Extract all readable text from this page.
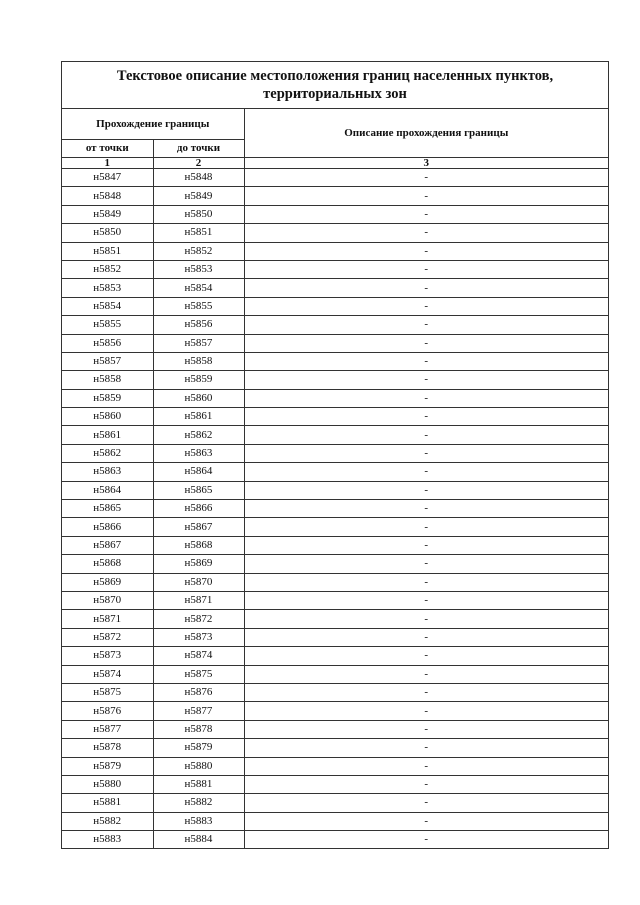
Текстовое описание местоположения границ населенных пунктов,
территориальных зон
Прохождение границы		Описание прохождения границы
от точки	до точки	
1	2	3
н5847	н5848	-
н5848	н5849	-
н5849	н5850	-
н5850	н5851	-
н5851	н5852	-
н5852	н5853	-
н5853	н5854	-
н5854	н5855	-
н5855	н5856	-
н5856	н5857	-
н5857	н5858	-
н5858	н5859	-
н5859	н5860	-
н5860	н5861	-
н5861	н5862	-
н5862	н5863	-
н5863	н5864	-
н5864	н5865	-
н5865	н5866	-
н5866	н5867	-
н5867	н5868	-
н5868	н5869	-
н5869	н5870	-
н5870	н5871	-
н5871	н5872	-
н5872	н5873	-
н5873	н5874	-
н5874	н5875	-
н5875	н5876	-
н5876	н5877	-
н5877	н5878	-
н5878	н5879	-
н5879	н5880	-
н5880	н5881	-
н5881	н5882	-
н5882	н5883	-
н5883	н5884	-
